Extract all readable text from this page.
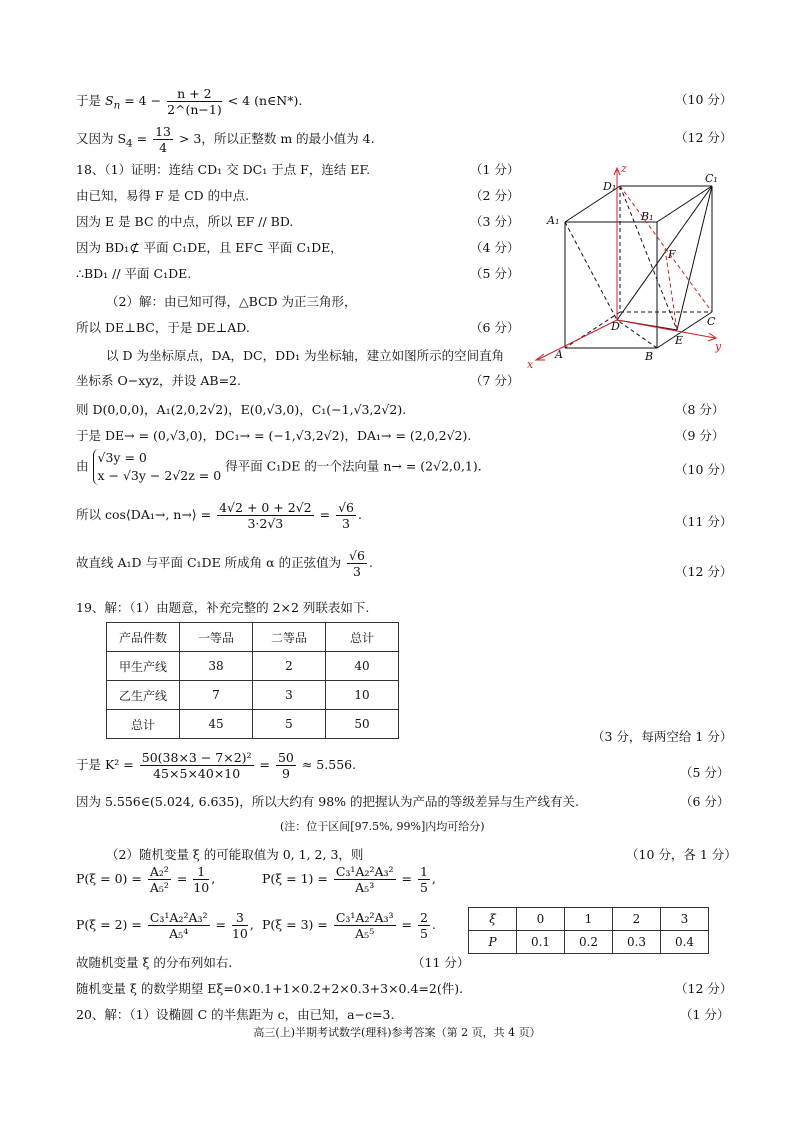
于是 $S_n = 4 - \frac{n + 2}{2\^{}(n-1)} < 4$ (n∈N*).	（10 分）
又因为 $S_4 = \frac{13}{4} > 3$，所以正整数 m 的最小值为 4.	（12 分）
18、（1）证明：连结 CD₁ 交 DC₁ 于点 F，连结 EF.	（1 分）
由已知，易得 F 是 CD 的中点.	（2 分）
因为 E 是 BC 的中点，所以 EF // BD.	（3 分）
因为 BD₁⊄ 平面 C₁DE，且 EF⊂ 平面 C₁DE，	（4 分）
∴BD₁ // 平面 C₁DE.	（5 分）
（2）解：由已知可得，△BCD 为正三角形，
所以 DE⊥BC，于是 DE⊥AD.	（6 分）
以 D 为坐标原点，DA，DC，DD₁ 为坐标轴，建立如图所示的空间直角
坐标系 O−xyz，并设 AB=2.	（7 分）
则 D(0,0,0)，A₁(2,0,2√2)，E(0,√3,0)，C₁(−1,√3,2√2).	（8 分）
于是 DE→ = (0,√3,0)，DC₁→ = (−1,√3,2√2)，DA₁→ = (2,0,2√2).	（9 分）
由
√3y = 0
x − √3y − 2√2z = 0
得平面 C₁DE 的一个法向量 n→ = (2√2,0,1).	（10 分）
所以 cos⟨DA₁→, n→⟩ = $\frac{4√2 + 0 + 2√2}{3\cdot 2√3} = \frac{√6}{3}$ .	（11 分）
故直线 A₁D 与平面 C₁DE 所成角 α 的正弦值为 $\frac{√6}{3}$ .
（12 分）
z
y
x
D₁
C₁
A₁	B₁
F
D	C
A	B
E
19、解：（1）由题意，补充完整的 2×2 列联表如下.
产品件数	一等品	二等品	总计
甲生产线	38	2	40
乙生产线	7	3	10
总计	45	5	50
（3 分，每两空给 1 分）
于是 $K^2 = \frac{\text{50(38×3 − 7×2)²}}{45\times 5\times 40\times 10} = \frac{50}{9} \approx 5.556$.
（5 分）
因为 5.556∈(5.024, 6.635)，所以大约有 98% 的把握认为产品的等级差异与生产线有关.	（6 分）
(注：位于区间[97.5%, 99%]内均可给分)
（2）随机变量 ξ 的可能取值为 0, 1, 2, 3，则	（10 分，各 1 分）
$P(\xi = 0) = \frac{\text{A₂²}}{\text{A₅²}} = \frac{1}{10}$ ,	$P(\xi = 1) = \frac{\text{C₃¹A₂²A₃²}}{\text{A₅³}} = \frac{1}{5}$ ,
$P(\xi = 2) = \frac{\text{C₃¹A₂²A₃²}}{\text{A₅⁴}} = \frac{3}{10}$ , $P(\xi = 3) = \frac{\text{C₃¹A₂²A₃³}}{\text{A₅⁵}} = \frac{2}{5}$ .	ξ	0	1	2	3
P	0.1	0.2	0.3	0.4
故随机变量 ξ 的分布列如右.	（11 分）
随机变量 ξ 的数学期望 Eξ=0×0.1+1×0.2+2×0.3+3×0.4=2(件).	（12 分）
20、解：（1）设椭圆 C 的半焦距为 c，由已知，a−c=3.	（1 分）
高三(上)半期考试数学(理科)参考答案（第 2 页，共 4 页）
